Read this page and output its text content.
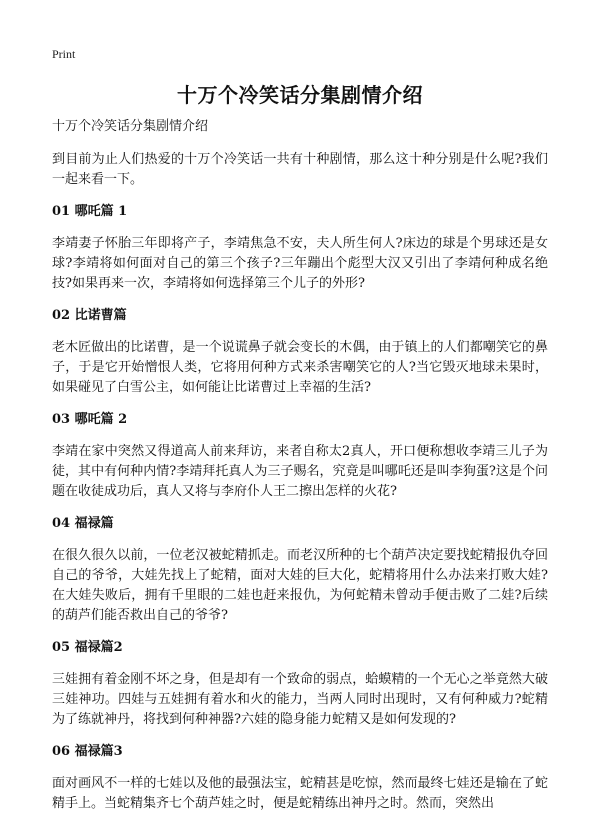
Print
十万个冷笑话分集剧情介绍

十万个冷笑话分集剧情介绍

到目前为止人们热爱的十万个冷笑话一共有十种剧情，那么这十种分别是什么呢?我们一起来看一下。

01 哪吒篇 1

李靖妻子怀胎三年即将产子，李靖焦急不安，夫人所生何人?床边的球是个男球还是女球?李靖将如何面对自己的第三个孩子?三年蹦出个彪型大汉又引出了李靖何种成名绝技?如果再来一次，李靖将如何选择第三个儿子的外形?

02 比诺曹篇

老木匠做出的比诺曹，是一个说谎鼻子就会变长的木偶，由于镇上的人们都嘲笑它的鼻子，于是它开始憎恨人类，它将用何种方式来杀害嘲笑它的人?当它毁灭地球未果时，如果碰见了白雪公主，如何能让比诺曹过上幸福的生活?

03 哪吒篇 2

李靖在家中突然又得道高人前来拜访，来者自称太2真人，开口便称想收李靖三儿子为徒，其中有何种内情?李靖拜托真人为三子赐名，究竟是叫哪吒还是叫李狗蛋?这是个问题在收徒成功后，真人又将与李府仆人王二擦出怎样的火花?

04 福禄篇

在很久很久以前，一位老汉被蛇精抓走。而老汉所种的七个葫芦决定要找蛇精报仇夺回自己的爷爷，大娃先找上了蛇精，面对大娃的巨大化，蛇精将用什么办法来打败大娃?在大娃失败后，拥有千里眼的二娃也赶来报仇，为何蛇精未曾动手便击败了二娃?后续的葫芦们能否救出自己的爷爷?

05 福禄篇2

三娃拥有着金刚不坏之身，但是却有一个致命的弱点，蛤蟆精的一个无心之举竟然大破三娃神功。四娃与五娃拥有着水和火的能力，当两人同时出现时，又有何种威力?蛇精为了练就神丹，将找到何种神器?六娃的隐身能力蛇精又是如何发现的?

06 福禄篇3

面对画风不一样的七娃以及他的最强法宝，蛇精甚是吃惊，然而最终七娃还是输在了蛇精手上。当蛇精集齐七个葫芦娃之时，便是蛇精练出神丹之时。然而，突然出
